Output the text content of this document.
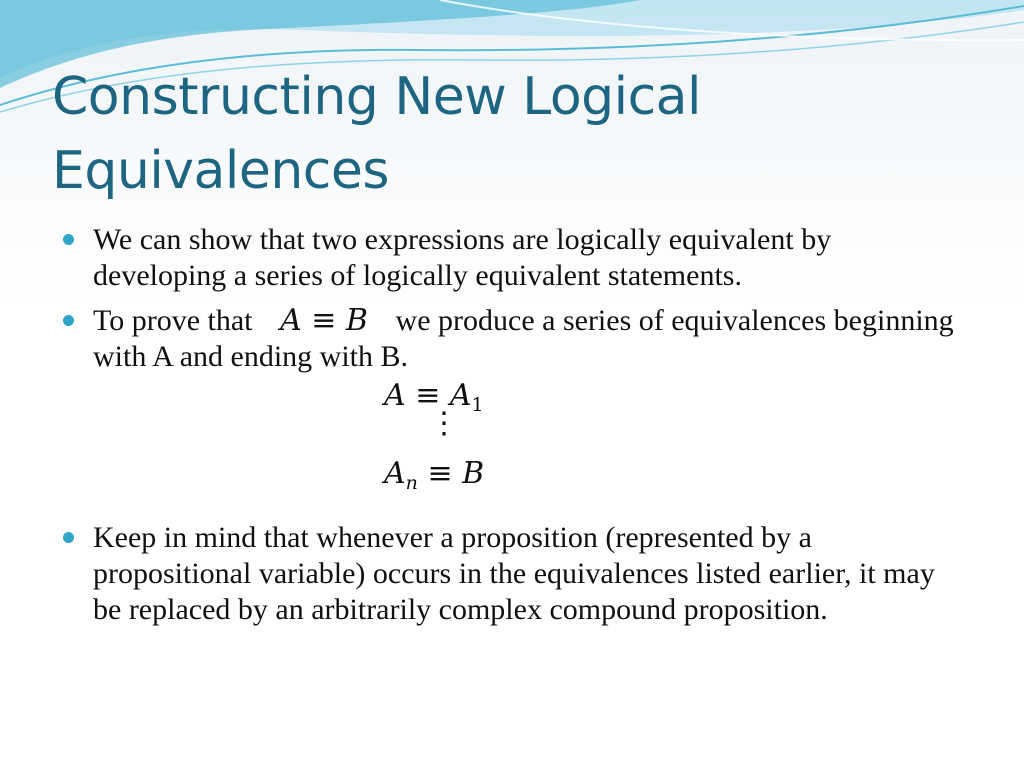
Constructing New Logical Equivalences
We can show that two expressions are logically equivalent by developing a series of logically equivalent statements.
To prove that A ≡ B we produce a series of equivalences beginning with A and ending with B.
$A \equiv A_1$
⋮
$A_n \equiv B$
Keep in mind that whenever a proposition (represented by a propositional variable) occurs in the equivalences listed earlier, it may be replaced by an arbitrarily complex compound proposition.
